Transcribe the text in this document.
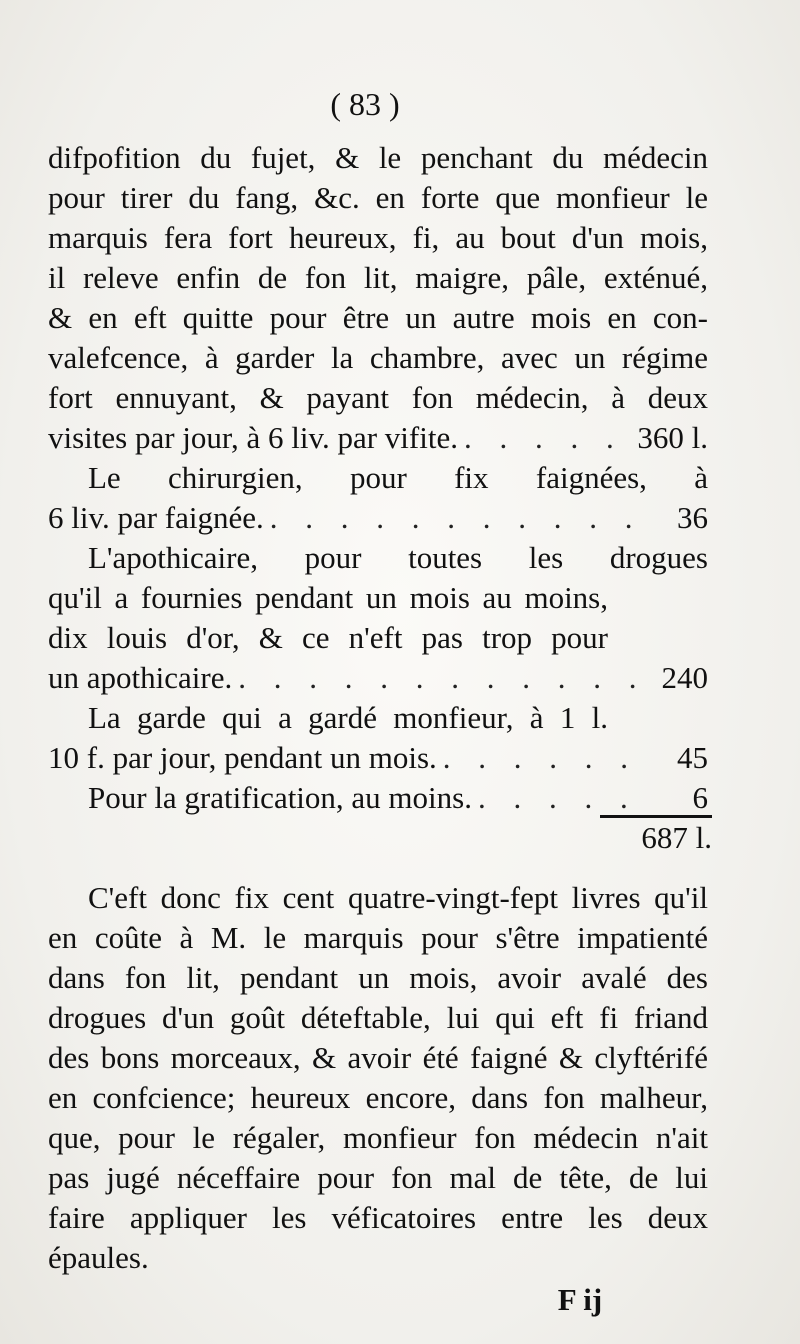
( 83 )
difpofition du fujet, & le penchant du médecin
pour tirer du fang, &c. en forte que monfieur le
marquis fera fort heureux, fi, au bout d'un mois,
il releve enfin de fon lit, maigre, pâle, exténué,
& en eft quitte pour être un autre mois en con-
valefcence, à garder la chambre, avec un régime
fort ennuyant, & payant fon médecin, à deux
visites par jour, à 6 liv. par vifite. . . .	360 l.
Le chirurgien, pour fix faignées, à
6 liv. par faignée. . . .	36
L'apothicaire, pour toutes les drogues
qu'il a fournies pendant un mois au moins,
dix louis d'or, & ce n'eft pas trop pour
un apothicaire. . . .	240
La garde qui a gardé monfieur, à 1 l.
10 f. par jour, pendant un mois. . . .	45
Pour la gratification, au moins. . . .	6
687 l.
C'eft donc fix cent quatre-vingt-fept livres qu'il
en coûte à M. le marquis pour s'être impatienté
dans fon lit, pendant un mois, avoir avalé des
drogues d'un goût déteftable, lui qui eft fi friand
des bons morceaux, & avoir été faigné & clyftérifé
en confcience; heureux encore, dans fon malheur,
que, pour le régaler, monfieur fon médecin n'ait
pas jugé néceffaire pour fon mal de tête, de lui
faire appliquer les véficatoires entre les deux
épaules.
F ij
